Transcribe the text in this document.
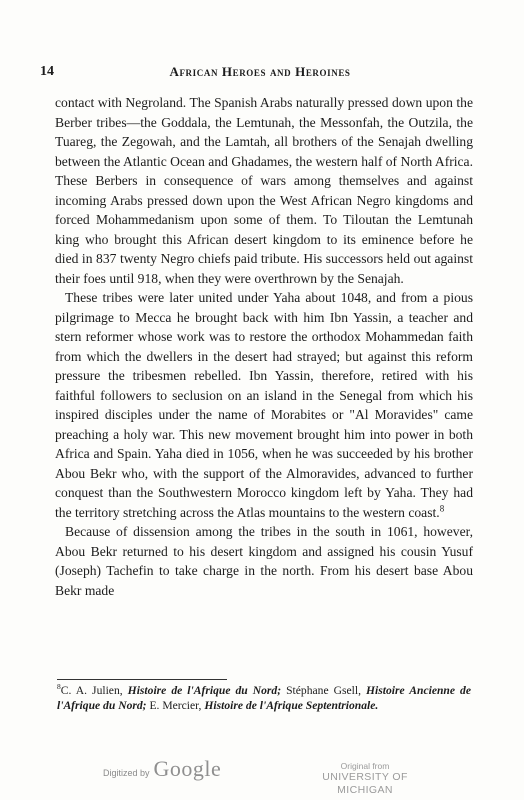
14	African Heroes and Heroines

contact with Negroland. The Spanish Arabs naturally pressed down upon the Berber tribes—the Goddala, the Lemtunah, the Messonfah, the Outzila, the Tuareg, the Zegowah, and the Lamtah, all brothers of the Senajah dwelling between the Atlantic Ocean and Ghadames, the western half of North Africa. These Berbers in consequence of wars among themselves and against incoming Arabs pressed down upon the West African Negro kingdoms and forced Mohammedanism upon some of them. To Tiloutan the Lemtunah king who brought this African desert kingdom to its eminence before he died in 837 twenty Negro chiefs paid tribute. His successors held out against their foes until 918, when they were overthrown by the Senajah.

These tribes were later united under Yaha about 1048, and from a pious pilgrimage to Mecca he brought back with him Ibn Yassin, a teacher and stern reformer whose work was to restore the orthodox Mohammedan faith from which the dwellers in the desert had strayed; but against this reform pressure the tribesmen rebelled. Ibn Yassin, therefore, retired with his faithful followers to seclusion on an island in the Senegal from which his inspired disciples under the name of Morabites or "Al Moravides" came preaching a holy war. This new movement brought him into power in both Africa and Spain. Yaha died in 1056, when he was succeeded by his brother Abou Bekr who, with the support of the Almoravides, advanced to further conquest than the Southwestern Morocco kingdom left by Yaha. They had the territory stretching across the Atlas mountains to the western coast.$^8$

Because of dissension among the tribes in the south in 1061, however, Abou Bekr returned to his desert kingdom and assigned his cousin Yusuf (Joseph) Tachefin to take charge in the north. From his desert base Abou Bekr made

$^8$C. A. Julien, Histoire de l'Afrique du Nord; Stéphane Gsell, Histoire Ancienne de l'Afrique du Nord; E. Mercier, Histoire de l'Afrique Septentrionale.
Digitized by Google	Original from
UNIVERSITY OF MICHIGAN
